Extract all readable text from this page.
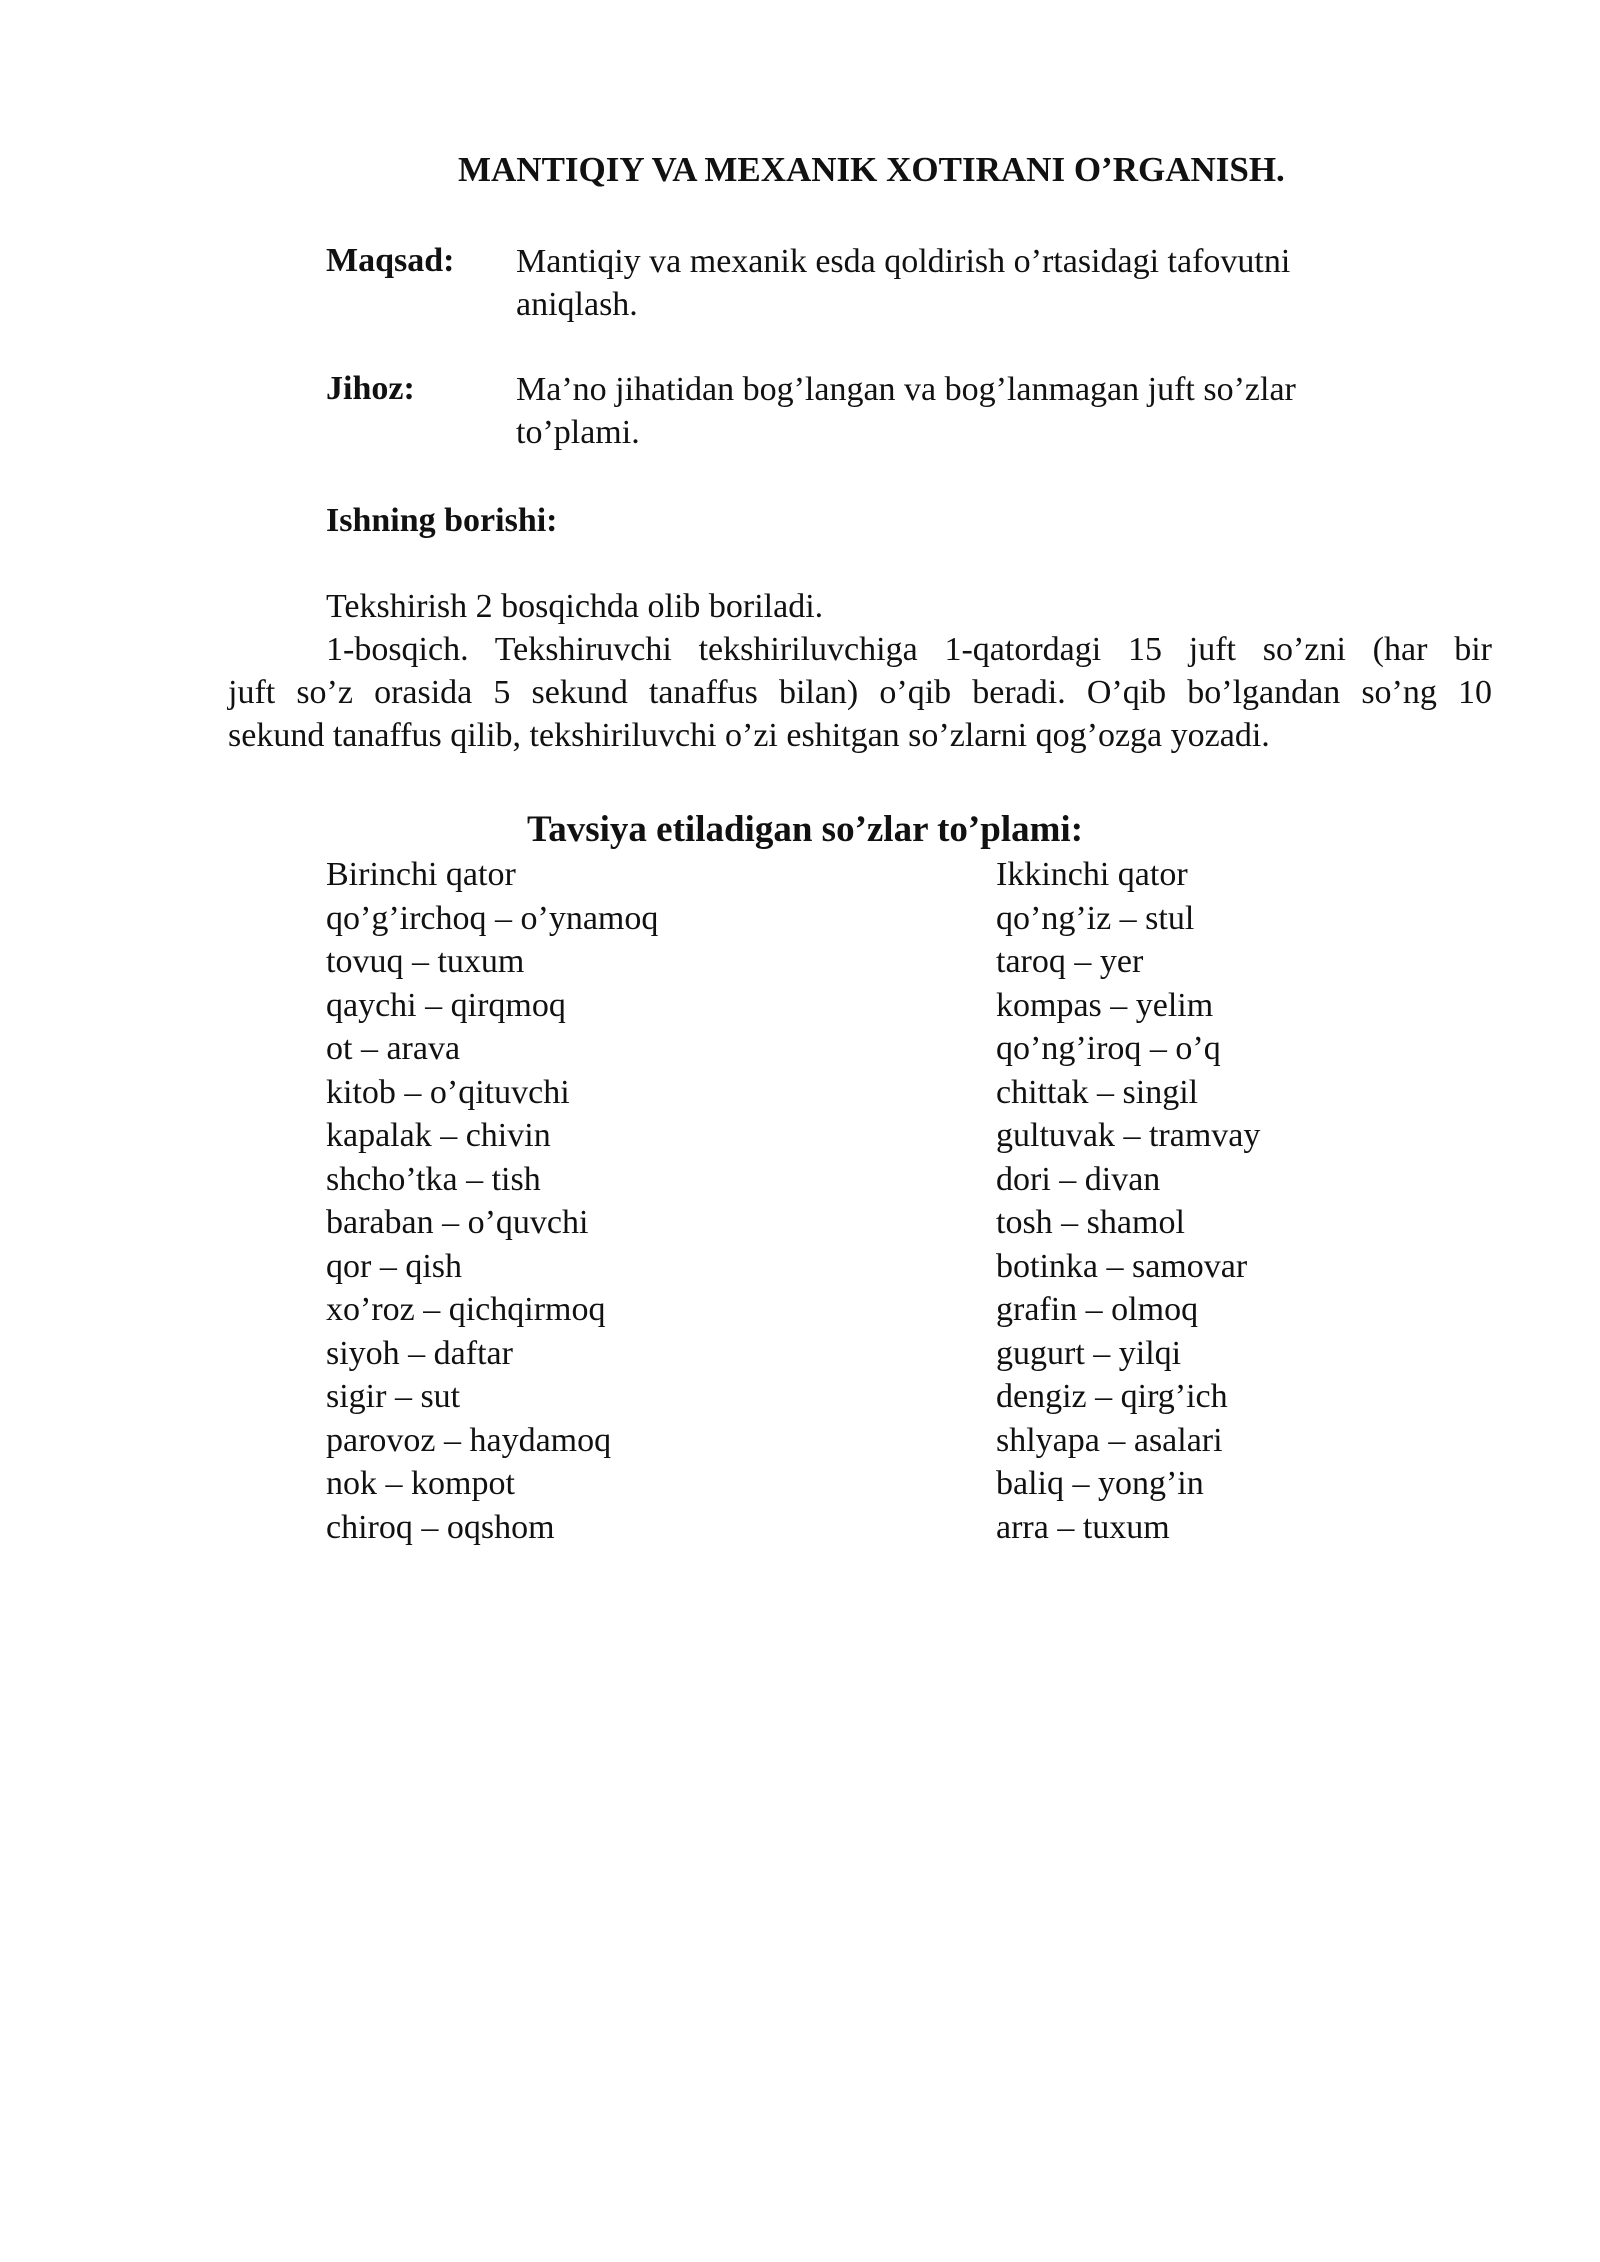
MANTIQIY VA MEXANIK XOTIRANI O’RGANISH.
Maqsad: Mantiqiy va mexanik esda qoldirish o’rtasidagi tafovutni
aniqlash.
Jihoz:	Ma’no jihatidan bog’langan va bog’lanmagan juft so’zlar
to’plami.
Ishning borishi:
Tekshirish 2 bosqichda olib boriladi.
1-bosqich. Tekshiruvchi tekshiriluvchiga 1-qatordagi 15 juft so’zni (har bir
juft so’z orasida 5 sekund tanaffus bilan) o’qib beradi. O’qib bo’lgandan so’ng 10
sekund tanaffus qilib, tekshiriluvchi o’zi eshitgan so’zlarni qog’ozga yozadi.
Tavsiya etiladigan so’zlar to’plami:
Birinchi qator
qo’g’irchoq – o’ynamoq
tovuq – tuxum
qaychi – qirqmoq
ot – arava
kitob – o’qituvchi
kapalak – chivin
shcho’tka – tish
baraban – o’quvchi
qor – qish
xo’roz – qichqirmoq
siyoh – daftar
sigir – sut
parovoz – haydamoq
nok – kompot
chiroq – oqshom
Ikkinchi qator
qo’ng’iz – stul
taroq – yer
kompas – yelim
qo’ng’iroq – o’q
chittak – singil
gultuvak – tramvay
dori – divan
tosh – shamol
botinka – samovar
grafin – olmoq
gugurt – yilqi
dengiz – qirg’ich
shlyapa – asalari
baliq – yong’in
arra – tuxum
